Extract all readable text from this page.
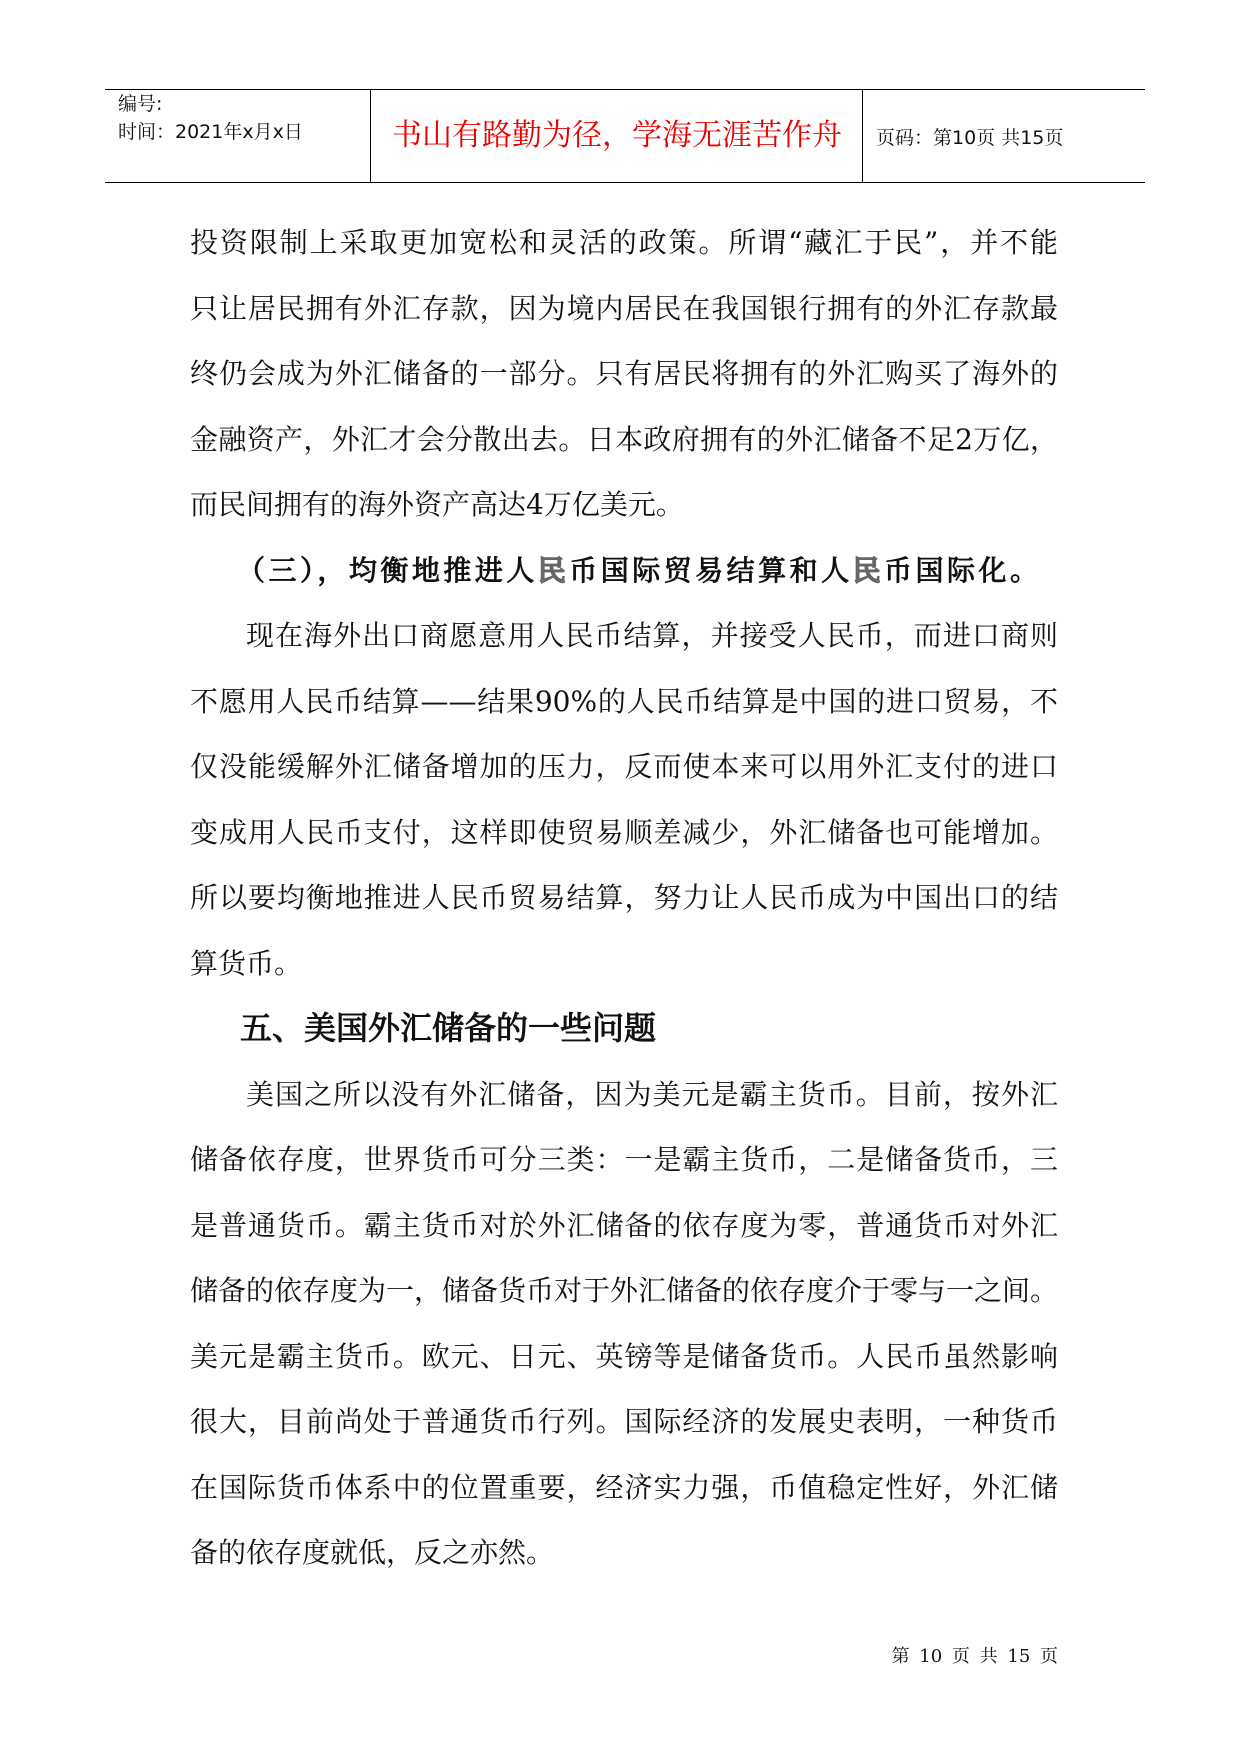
编号:
时间：2021年x月x日	书山有路勤为径，学海无涯苦作舟	页码：第10页 共15页
投资限制上采取更加宽松和灵活的政策。所谓“藏汇于民”，并不能
只让居民拥有外汇存款，因为境内居民在我国银行拥有的外汇存款最
终仍会成为外汇储备的一部分。只有居民将拥有的外汇购买了海外的
金融资产，外汇才会分散出去。日本政府拥有的外汇储备不足2万亿，
而民间拥有的海外资产高达4万亿美元。
（三），均衡地推进人民币国际贸易结算和人民币国际化。
现在海外出口商愿意用人民币结算，并接受人民币，而进口商则
不愿用人民币结算——结果90%的人民币结算是中国的进口贸易，不
仅没能缓解外汇储备增加的压力，反而使本来可以用外汇支付的进口
变成用人民币支付，这样即使贸易顺差减少，外汇储备也可能增加。
所以要均衡地推进人民币贸易结算，努力让人民币成为中国出口的结
算货币。
五、美国外汇储备的一些问题
美国之所以没有外汇储备，因为美元是霸主货币。目前，按外汇
储备依存度，世界货币可分三类：一是霸主货币，二是储备货币，三
是普通货币。霸主货币对於外汇储备的依存度为零，普通货币对外汇
储备的依存度为一，储备货币对于外汇储备的依存度介于零与一之间。
美元是霸主货币。欧元、日元、英镑等是储备货币。人民币虽然影响
很大，目前尚处于普通货币行列。国际经济的发展史表明，一种货币
在国际货币体系中的位置重要，经济实力强，币值稳定性好，外汇储
备的依存度就低，反之亦然。
第 10 页 共 15 页
